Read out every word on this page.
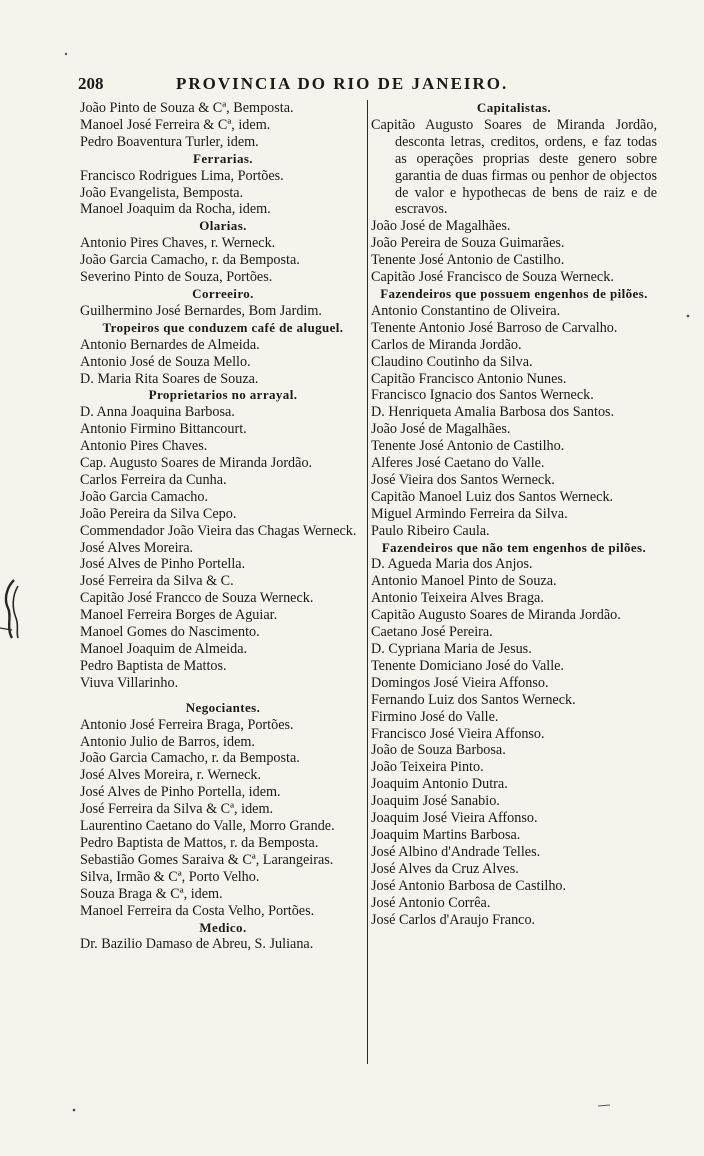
208	PROVINCIA DO RIO DE JANEIRO.

João Pinto de Souza & Cª, Bemposta.

Manoel José Ferreira & Cª, idem.

Pedro Boaventura Turler, idem.

Ferrarias.

Francisco Rodrigues Lima, Portões.

João Evangelista, Bemposta.

Manoel Joaquim da Rocha, idem.

Olarias.

Antonio Pires Chaves, r. Werneck.

João Garcia Camacho, r. da Bemposta.

Severino Pinto de Souza, Portões.

Correeiro.

Guilhermino José Bernardes, Bom Jardim.

Tropeiros que conduzem café de aluguel.

Antonio Bernardes de Almeida.

Antonio José de Souza Mello.

D. Maria Rita Soares de Souza.

Proprietarios no arrayal.

D. Anna Joaquina Barbosa.

Antonio Firmino Bittancourt.

Antonio Pires Chaves.

Cap. Augusto Soares de Miranda Jordão.

Carlos Ferreira da Cunha.

João Garcia Camacho.

João Pereira da Silva Cepo.

Commendador João Vieira das Chagas Werneck.

José Alves Moreira.

José Alves de Pinho Portella.

José Ferreira da Silva & C.

Capitão José Francco de Souza Werneck.

Manoel Ferreira Borges de Aguiar.

Manoel Gomes do Nascimento.

Manoel Joaquim de Almeida.

Pedro Baptista de Mattos.

Viuva Villarinho.

Negociantes.

Antonio José Ferreira Braga, Portões.

Antonio Julio de Barros, idem.

João Garcia Camacho, r. da Bemposta.

José Alves Moreira, r. Werneck.

José Alves de Pinho Portella, idem.

José Ferreira da Silva & Cª, idem.

Laurentino Caetano do Valle, Morro Grande.

Pedro Baptista de Mattos, r. da Bemposta.

Sebastião Gomes Saraiva & Cª, Larangeiras.

Silva, Irmão & Cª, Porto Velho.

Souza Braga & Cª, idem.

Manoel Ferreira da Costa Velho, Portões.

Medico.

Dr. Bazilio Damaso de Abreu, S. Juliana.

Capitalistas.

Capitão Augusto Soares de Miranda Jordão, desconta letras, creditos, ordens, e faz todas as operações proprias deste genero sobre garantia de duas firmas ou penhor de objectos de valor e hypothecas de bens de raiz e de escravos.

João José de Magalhães.

João Pereira de Souza Guimarães.

Tenente José Antonio de Castilho.

Capitão José Francisco de Souza Werneck.

Fazendeiros que possuem engenhos de pilões.

Antonio Constantino de Oliveira.

Tenente Antonio José Barroso de Carvalho.

Carlos de Miranda Jordão.

Claudino Coutinho da Silva.

Capitão Francisco Antonio Nunes.

Francisco Ignacio dos Santos Werneck.

D. Henriqueta Amalia Barbosa dos Santos.

João José de Magalhães.

Tenente José Antonio de Castilho.

Alferes José Caetano do Valle.

José Vieira dos Santos Werneck.

Capitão Manoel Luiz dos Santos Werneck.

Miguel Armindo Ferreira da Silva.

Paulo Ribeiro Caula.

Fazendeiros que não tem engenhos de pilões.

D. Agueda Maria dos Anjos.

Antonio Manoel Pinto de Souza.

Antonio Teixeira Alves Braga.

Capitão Augusto Soares de Miranda Jordão.

Caetano José Pereira.

D. Cypriana Maria de Jesus.

Tenente Domiciano José do Valle.

Domingos José Vieira Affonso.

Fernando Luiz dos Santos Werneck.

Firmino José do Valle.

Francisco José Vieira Affonso.

João de Souza Barbosa.

João Teixeira Pinto.

Joaquim Antonio Dutra.

Joaquim José Sanabio.

Joaquim José Vieira Affonso.

Joaquim Martins Barbosa.

José Albino d'Andrade Telles.

José Alves da Cruz Alves.

José Antonio Barbosa de Castilho.

José Antonio Corrêa.

José Carlos d'Araujo Franco.
